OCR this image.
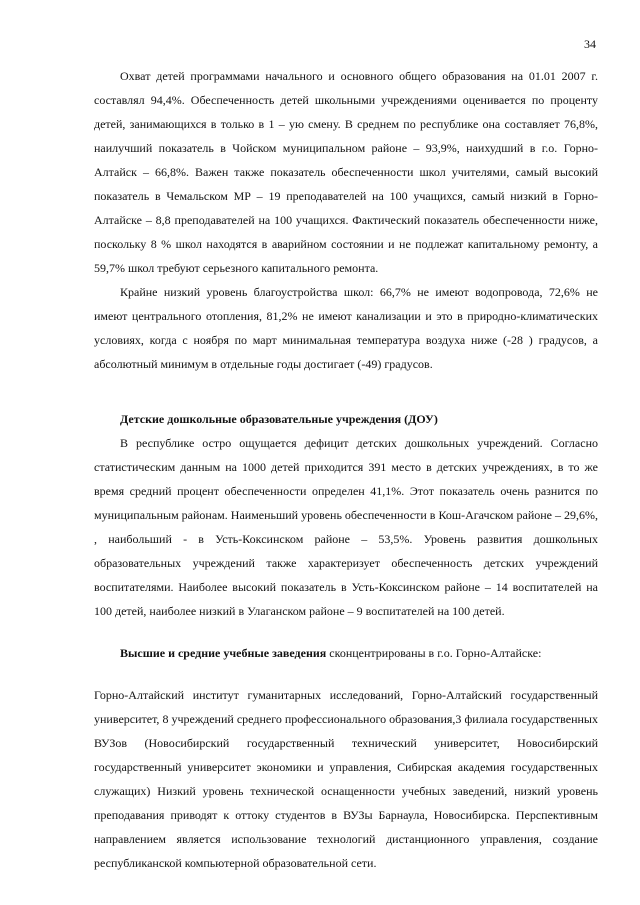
34

Охват детей программами начального и основного общего образования на 01.01 2007 г. составлял 94,4%. Обеспеченность детей школьными учреждениями оценивается по проценту детей, занимающихся в только в 1 – ую смену. В среднем по республике она составляет 76,8%, наилучший показатель в Чойском муниципальном районе – 93,9%, наихудший в г.о. Горно-Алтайск – 66,8%. Важен также показатель обеспеченности школ учителями, самый высокий показатель в Чемальском МР – 19 преподавателей на 100 учащихся, самый низкий в Горно-Алтайске – 8,8 преподавателей на 100 учащихся. Фактический показатель обеспеченности ниже, поскольку 8 % школ находятся в аварийном состоянии и не подлежат капитальному ремонту, а 59,7% школ требуют серьезного капитального ремонта.

Крайне низкий уровень благоустройства школ: 66,7% не имеют водопровода, 72,6% не имеют центрального отопления, 81,2% не имеют канализации и это в природно-климатических условиях, когда с ноября по март минимальная температура воздуха ниже (-28 ) градусов, а абсолютный минимум в отдельные годы достигает (-49) градусов.

Детские дошкольные образовательные учреждения (ДОУ)

В республике остро ощущается дефицит детских дошкольных учреждений. Согласно статистическим данным на 1000 детей приходится 391 место в детских учреждениях, в то же время средний процент обеспеченности определен 41,1%. Этот показатель очень разнится по муниципальным районам. Наименьший уровень обеспеченности в Кош-Агачском районе – 29,6%, , наибольший - в Усть-Коксинском районе – 53,5%. Уровень развития дошкольных образовательных учреждений также характеризует обеспеченность детских учреждений воспитателями. Наиболее высокий показатель в Усть-Коксинском районе – 14 воспитателей на 100 детей, наиболее низкий в Улаганском районе – 9 воспитателей на 100 детей.

Высшие и средние учебные заведения сконцентрированы в г.о. Горно-Алтайске:

Горно-Алтайский институт гуманитарных исследований, Горно-Алтайский государственный университет, 8 учреждений среднего профессионального образования,3 филиала государственных ВУЗов (Новосибирский государственный технический университет, Новосибирский государственный университет экономики и управления, Сибирская академия государственных служащих) Низкий уровень технической оснащенности учебных заведений, низкий уровень преподавания приводят к оттоку студентов в ВУЗы Барнаула, Новосибирска. Перспективным направлением является использование технологий дистанционного управления, создание республиканской компьютерной образовательной сети.
